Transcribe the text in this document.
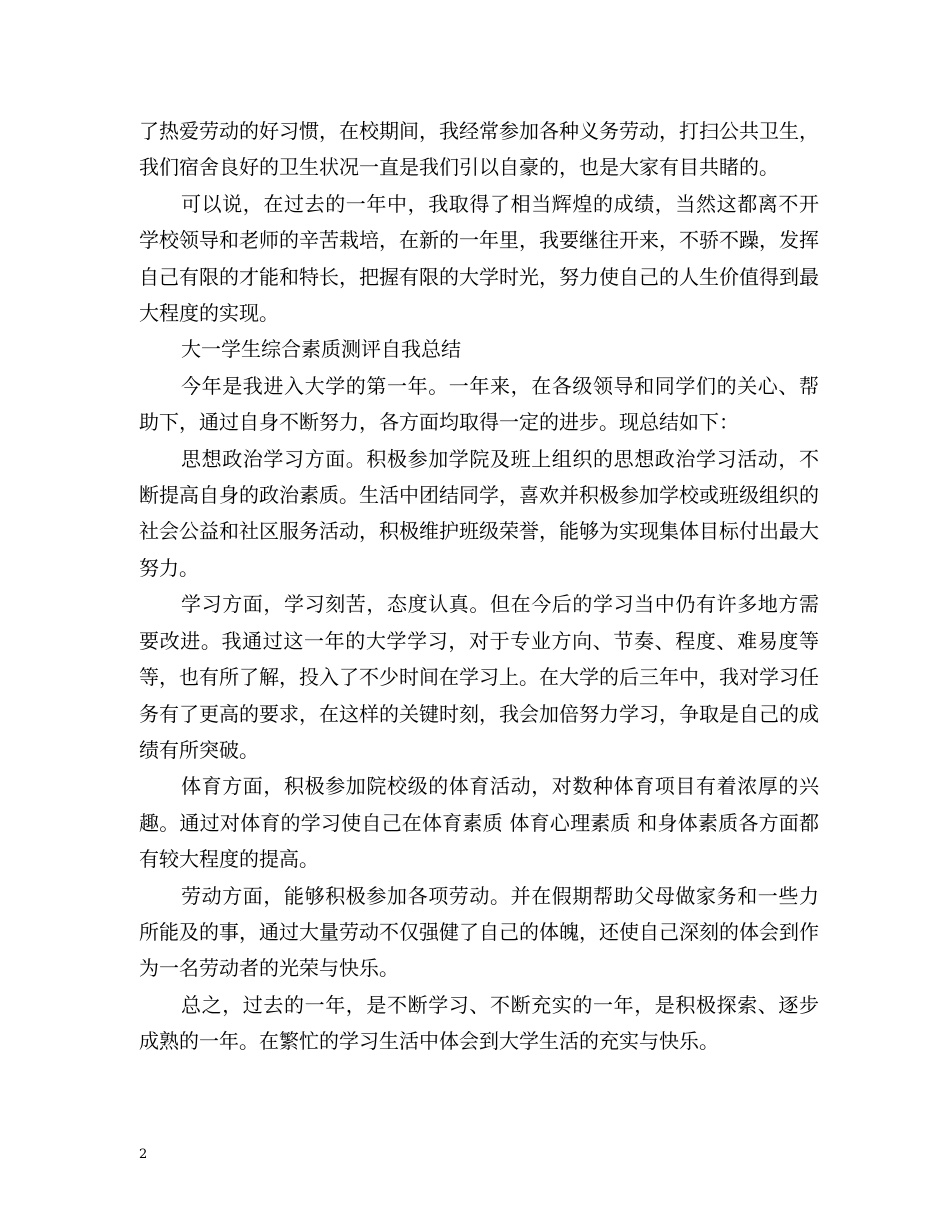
了热爱劳动的好习惯，在校期间，我经常参加各种义务劳动，打扫公共卫生，我们宿舍良好的卫生状况一直是我们引以自豪的，也是大家有目共睹的。

可以说，在过去的一年中，我取得了相当辉煌的成绩，当然这都离不开学校领导和老师的辛苦栽培，在新的一年里，我要继往开来，不骄不躁，发挥自己有限的才能和特长，把握有限的大学时光，努力使自己的人生价值得到最大程度的实现。

大一学生综合素质测评自我总结

今年是我进入大学的第一年。一年来，在各级领导和同学们的关心、帮助下，通过自身不断努力，各方面均取得一定的进步。现总结如下：

思想政治学习方面。积极参加学院及班上组织的思想政治学习活动，不断提高自身的政治素质。生活中团结同学，喜欢并积极参加学校或班级组织的社会公益和社区服务活动，积极维护班级荣誉，能够为实现集体目标付出最大努力。

学习方面，学习刻苦，态度认真。但在今后的学习当中仍有许多地方需要改进。我通过这一年的大学学习，对于专业方向、节奏、程度、难易度等等，也有所了解，投入了不少时间在学习上。在大学的后三年中，我对学习任务有了更高的要求，在这样的关键时刻，我会加倍努力学习，争取是自己的成绩有所突破。

体育方面，积极参加院校级的体育活动，对数种体育项目有着浓厚的兴趣。通过对体育的学习使自己在体育素质 体育心理素质 和身体素质各方面都有较大程度的提高。

劳动方面，能够积极参加各项劳动。并在假期帮助父母做家务和一些力所能及的事，通过大量劳动不仅强健了自己的体魄，还使自己深刻的体会到作为一名劳动者的光荣与快乐。

总之，过去的一年，是不断学习、不断充实的一年，是积极探索、逐步成熟的一年。在繁忙的学习生活中体会到大学生活的充实与快乐。

2
